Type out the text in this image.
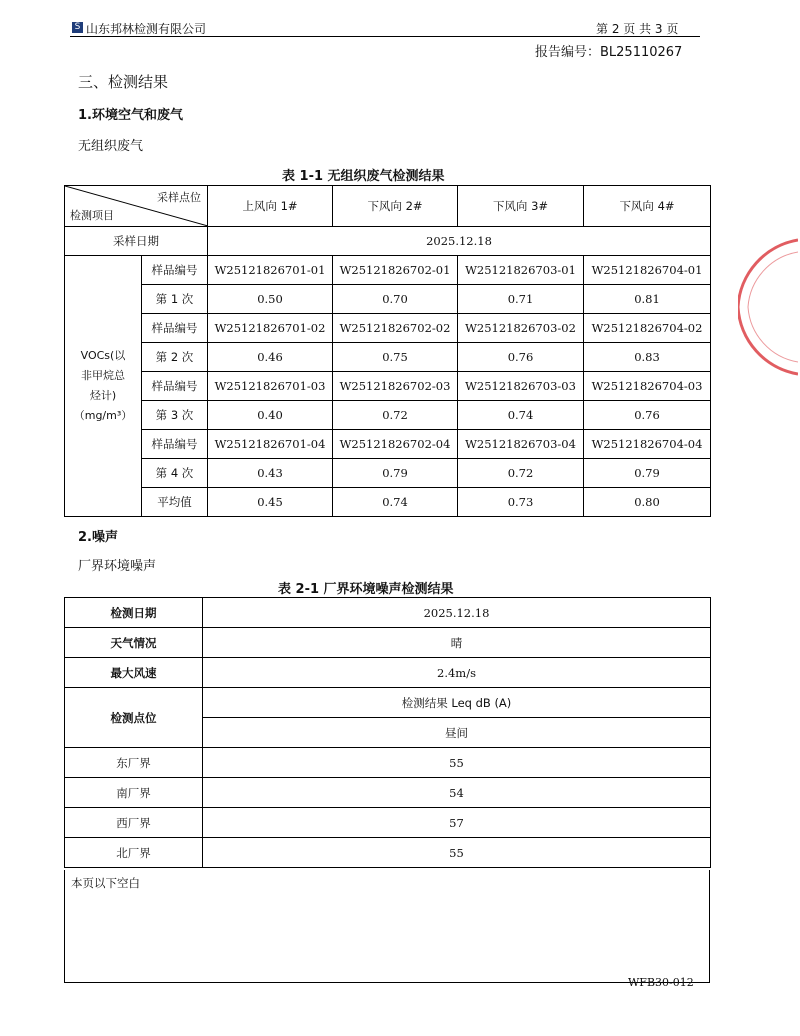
S 山东邦林检测有限公司	第 2 页 共 3 页
报告编号：BL25110267
三、检测结果
1.环境空气和废气
无组织废气
表 1-1 无组织废气检测结果
采样点位
检测项目		上风向 1#	下风向 2#	下风向 3#	下风向 4#
采样日期		2025.12.18			

VOCs(以
非甲烷总
烃计)
（mg/m³）	样品编号	W25121826701-01	W25121826702-01	W25121826703-01	W25121826704-01
	第 1 次	0.50	0.70	0.71	0.81
	样品编号	W25121826701-02	W25121826702-02	W25121826703-02	W25121826704-02
	第 2 次	0.46	0.75	0.76	0.83
	样品编号	W25121826701-03	W25121826702-03	W25121826703-03	W25121826704-03
	第 3 次	0.40	0.72	0.74	0.76
	样品编号	W25121826701-04	W25121826702-04	W25121826703-04	W25121826704-04
	第 4 次	0.43	0.79	0.72	0.79
	平均值	0.45	0.74	0.73	0.80
2.噪声
厂界环境噪声
表 2-1 厂界环境噪声检测结果
检测日期	2025.12.18
天气情况	晴
最大风速	2.4m/s
检测点位	检测结果 Leq dB (A)
	昼间
东厂界	55
南厂界	54
西厂界	57
北厂界	55
本页以下空白
WFB30-012
